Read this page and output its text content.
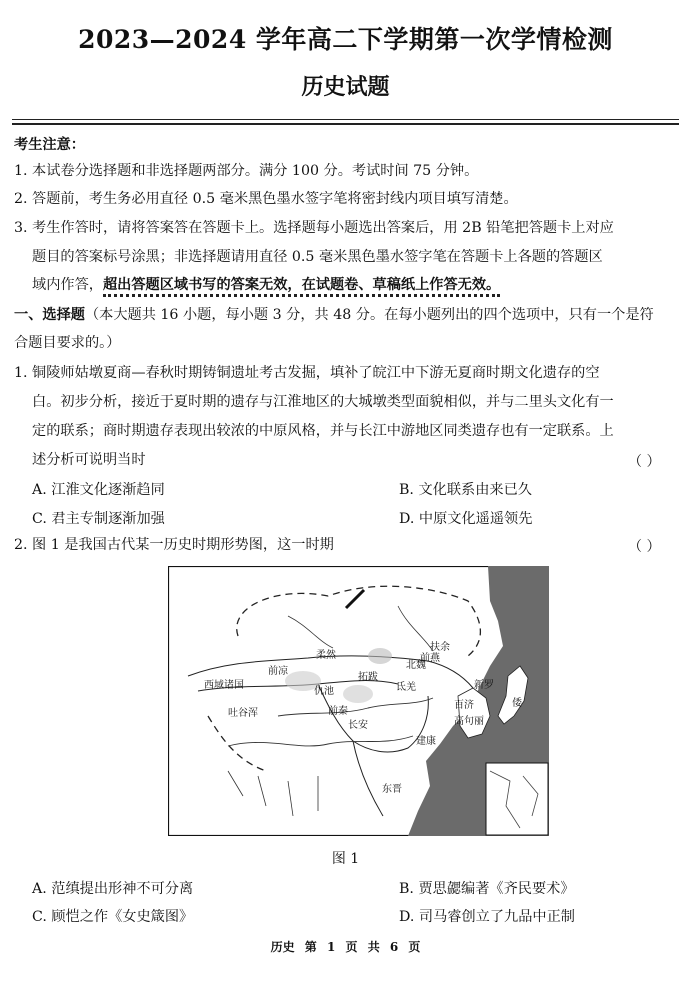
2023—2024 学年高二下学期第一次学情检测
历史试题
考生注意：
1. 本试卷分选择题和非选择题两部分。满分 100 分。考试时间 75 分钟。
2. 答题前，考生务必用直径 0.5 毫米黑色墨水签字笔将密封线内项目填写清楚。
3. 考生作答时，请将答案答在答题卡上。选择题每小题选出答案后，用 2B 铅笔把答题卡上对应
题目的答案标号涂黑；非选择题请用直径 0.5 毫米黑色墨水签字笔在答题卡上各题的答题区
域内作答，超出答题区域书写的答案无效，在试题卷、草稿纸上作答无效。
一、选择题（本大题共 16 小题，每小题 3 分，共 48 分。在每小题列出的四个选项中，只有一个是符
合题目要求的。）
1. 铜陵师姑墩夏商—春秋时期铸铜遗址考古发掘，填补了皖江中下游无夏商时期文化遗存的空
白。初步分析，接近于夏时期的遗存与江淮地区的大城墩类型面貌相似，并与二里头文化有一
定的联系；商时期遗存表现出较浓的中原风格，并与长江中游地区同类遗存也有一定联系。上
述分析可说明当时	（ ）
A. 江淮文化逐渐趋同	B. 文化联系由来已久
C. 君主专制逐渐加强	D. 中原文化遥遥领先
2. 图 1 是我国古代某一历史时期形势图，这一时期	（ ）
柔然
西域诸国
前燕
前凉
前秦
东晋
扶余
百济
新罗
高句丽
倭
仇池
拓跋
氐羌
长安
建康
北魏
吐谷浑
图 1
A. 范缜提出形神不可分离	B. 贾思勰编著《齐民要术》
C. 顾恺之作《女史箴图》	D. 司马睿创立了九品中正制
历史 第 1 页 共 6 页
